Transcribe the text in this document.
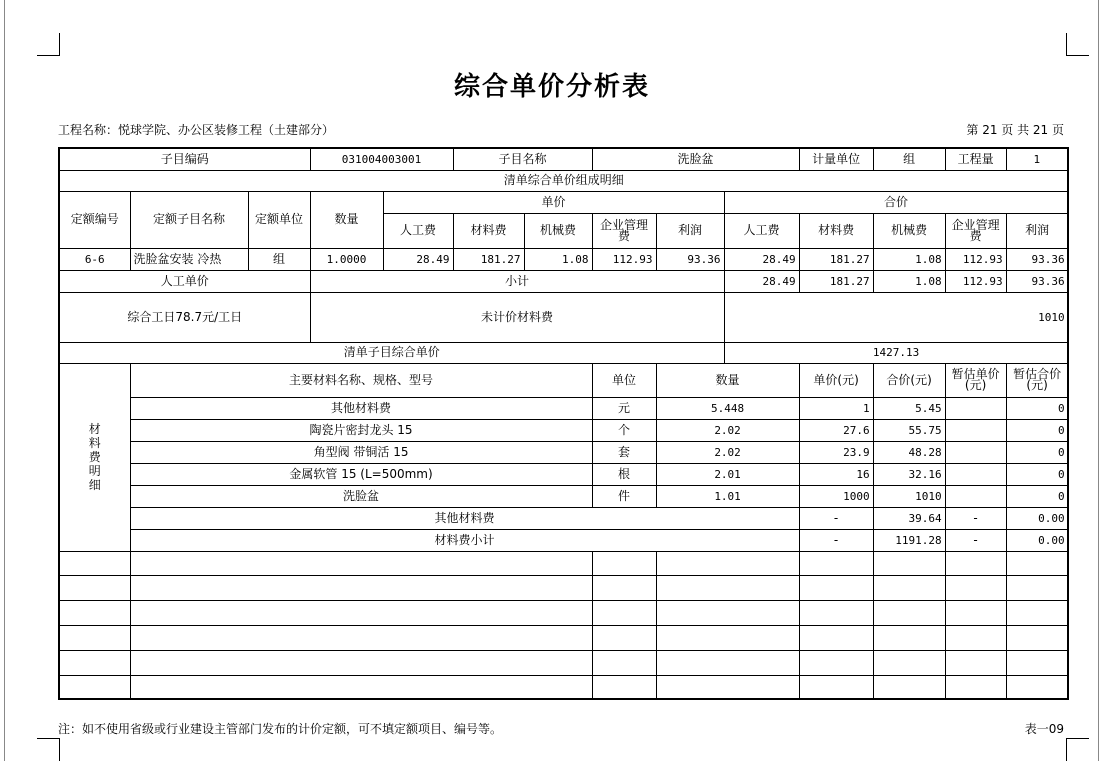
综合单价分析表
工程名称：悦球学院、办公区装修工程（土建部分）	第 21 页 共 21 页
子目编码			031004003001		子目名称		洗脸盆			计量单位	组	工程量	1
清单综合单价组成明细													
定额编号	定额子目名称	定额单位	数量	单价					合价				
				人工费	材料费	机械费	企业管理费	利润	人工费	材料费	机械费	企业管理费	利润
6-6	洗脸盆安装 冷热	组	1.0000	28.49	181.27	1.08	112.93	93.36	28.49	181.27	1.08	112.93	93.36
人工单价			小计						28.49	181.27	1.08	112.93	93.36
综合工日78.7元/工日			未计价材料费						1010				
清单子目综合单价									1427.13				

材料费明细	主要材料名称、规格、型号						单位	数量		单价(元)	合价(元)	暂估单价(元)	暂估合价(元)
	其他材料费						元	5.448		1	5.45		0
	陶瓷片密封龙头 15						个	2.02		27.6	55.75		0
	角型阀 带铜活 15						套	2.02		23.9	48.28		0
	金属软管 15 (L=500mm)						根	2.01		16	32.16		0
	洗脸盆						件	1.01		1000	1010		0
	其他材料费									-	39.64	-	0.00
	材料费小计									-	1191.28	-	0.00

注：如不使用省级或行业建设主管部门发布的计价定额，可不填定额项目、编号等。	表一09
